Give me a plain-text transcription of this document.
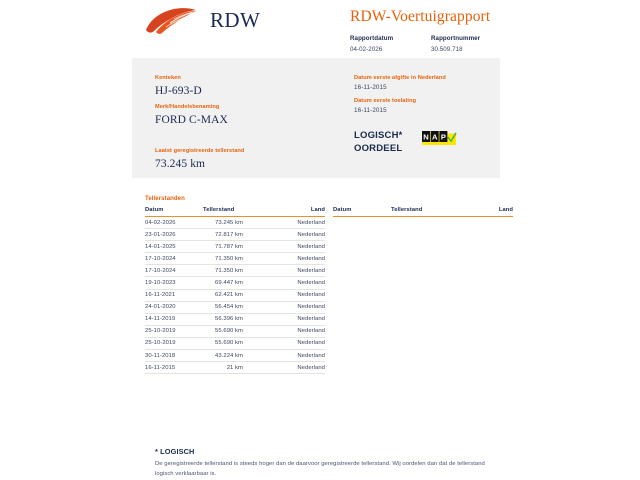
RDW	RDW-Voertuigrapport
Rapportdatum
04-02-2026
Rapportnummer
30.509.718
Kenteken
HJ-693-D
Merk/Handelsbenaming
FORD C-MAX
Laatst geregistreerde tellerstand
73.245 km
Datum eerste afgifte in Nederland
16-11-2015
Datum eerste toelating
16-11-2015
LOGISCH*
OORDEEL
N A P
Tellerstanden
Datum	Tellerstand	Land
04-02-2026	73.245 km	Nederland
23-01-2026	72.817 km	Nederland
14-01-2025	71.787 km	Nederland
17-10-2024	71.350 km	Nederland
17-10-2024	71.350 km	Nederland
19-10-2023	69.447 km	Nederland
16-11-2021	62.421 km	Nederland
24-01-2020	56.454 km	Nederland
14-11-2019	56.396 km	Nederland
25-10-2019	55.690 km	Nederland
25-10-2019	55.690 km	Nederland
30-11-2018	43.224 km	Nederland
16-11-2015	21 km	Nederland
Datum	Tellerstand	Land
* LOGISCH
De geregistreerde tellerstand is steeds hoger dan de daarvoor geregistreerde tellerstand. Wij oordelen dan dat de tellerstand logisch verklaarbaar is.
